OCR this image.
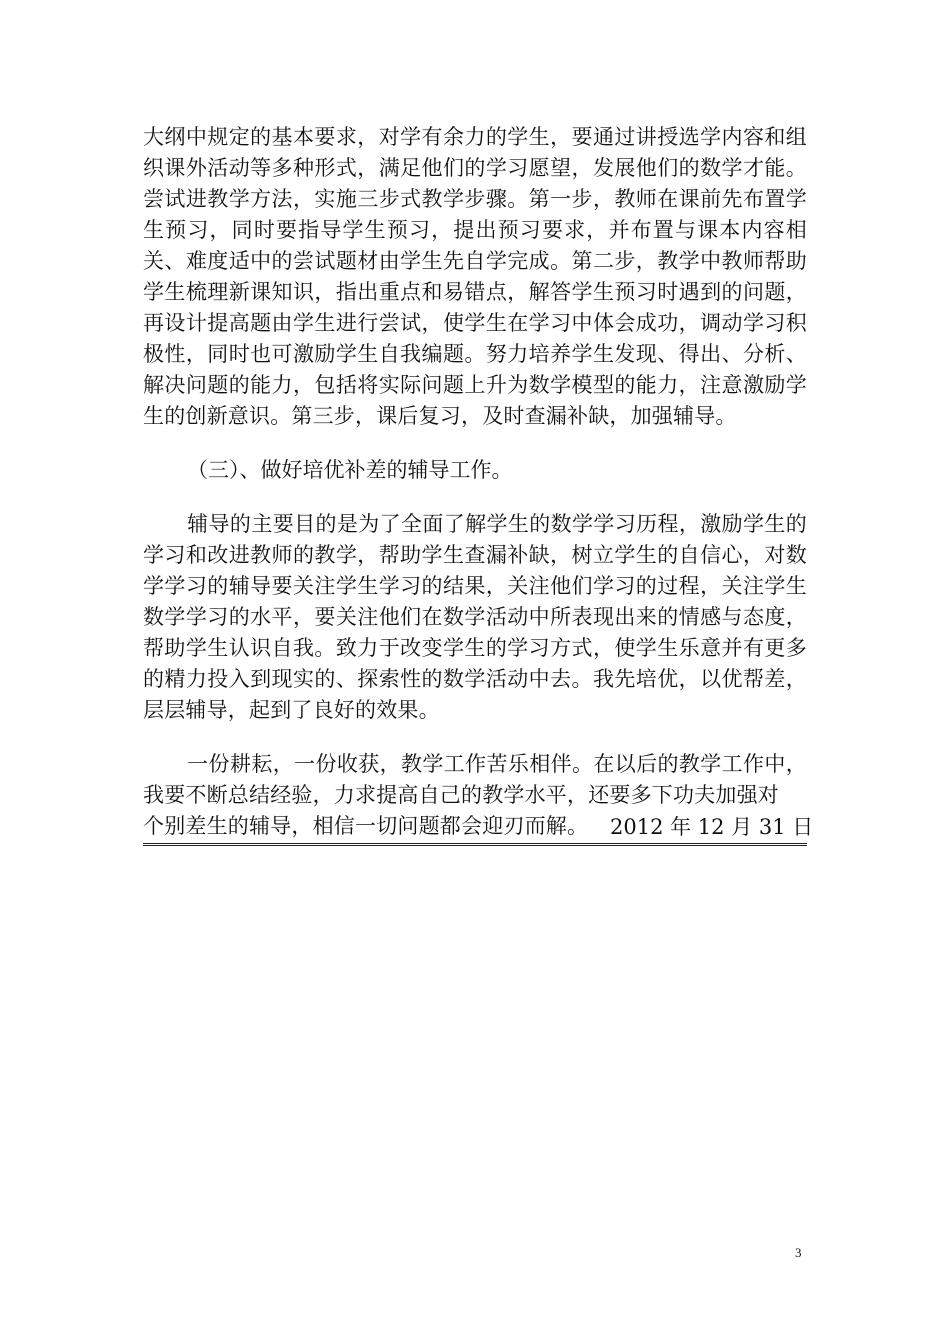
大纲中规定的基本要求，对学有余力的学生，要通过讲授选学内容和组织课外活动等多种形式，满足他们的学习愿望，发展他们的数学才能。尝试进教学方法，实施三步式教学步骤。第一步，教师在课前先布置学生预习，同时要指导学生预习，提出预习要求，并布置与课本内容相关、难度适中的尝试题材由学生先自学完成。第二步，教学中教师帮助学生梳理新课知识，指出重点和易错点，解答学生预习时遇到的问题，再设计提高题由学生进行尝试，使学生在学习中体会成功，调动学习积极性，同时也可激励学生自我编题。努力培养学生发现、得出、分析、解决问题的能力，包括将实际问题上升为数学模型的能力，注意激励学生的创新意识。第三步，课后复习，及时查漏补缺，加强辅导。

（三）、做好培优补差的辅导工作。

辅导的主要目的是为了全面了解学生的数学学习历程，激励学生的学习和改进教师的教学，帮助学生查漏补缺，树立学生的自信心，对数学学习的辅导要关注学生学习的结果，关注他们学习的过程，关注学生数学学习的水平，要关注他们在数学活动中所表现出来的情感与态度，帮助学生认识自我。致力于改变学生的学习方式，使学生乐意并有更多的精力投入到现实的、探索性的数学活动中去。我先培优，以优帮差，层层辅导，起到了良好的效果。

一份耕耘，一份收获，教学工作苦乐相伴。在以后的教学工作中，我要不断总结经验，力求提高自己的教学水平，还要多下功夫加强对
个别差生的辅导，相信一切问题都会迎刃而解。	2012 年 12 月 31 日
3
